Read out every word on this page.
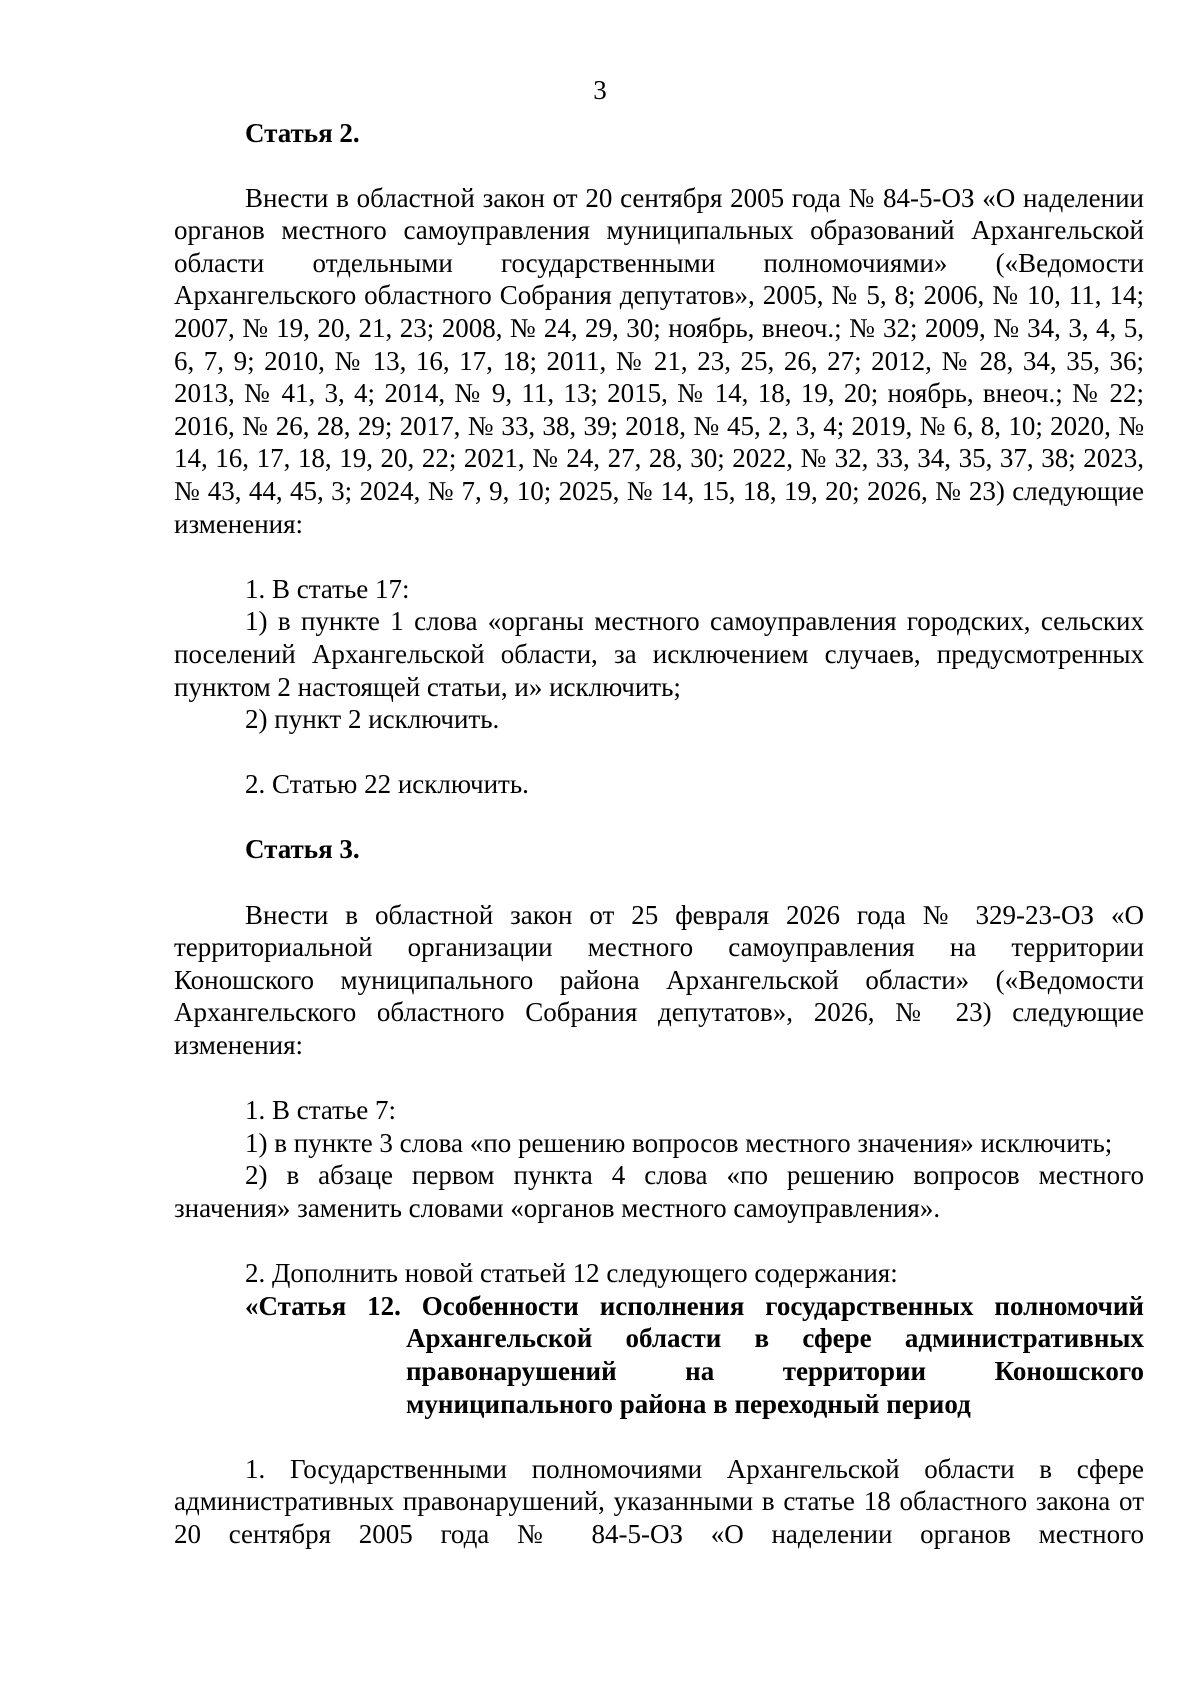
3
Статья 2.

Внести в областной закон от 20 сентября 2005 года № 84-5-ОЗ «О наделении органов местного самоуправления муниципальных образований Архангельской области отдельными государственными полномочиями» («Ведомости Архангельского областного Собрания депутатов», 2005, № 5, 8; 2006, № 10, 11, 14; 2007, № 19, 20, 21, 23; 2008, № 24, 29, 30; ноябрь, внеоч.; № 32; 2009, № 34, 3, 4, 5, 6, 7, 9; 2010, № 13, 16, 17, 18; 2011, № 21, 23, 25, 26, 27; 2012, № 28, 34, 35, 36; 2013, № 41, 3, 4; 2014, № 9, 11, 13; 2015, № 14, 18, 19, 20; ноябрь, внеоч.; № 22; 2016, № 26, 28, 29; 2017, № 33, 38, 39; 2018, № 45, 2, 3, 4; 2019, № 6, 8, 10; 2020, № 14, 16, 17, 18, 19, 20, 22; 2021, № 24, 27, 28, 30; 2022, № 32, 33, 34, 35, 37, 38; 2023, № 43, 44, 45, 3; 2024, № 7, 9, 10; 2025, № 14, 15, 18, 19, 20; 2026, № 23) следующие изменения:

1. В статье 17:

1) в пункте 1 слова «органы местного самоуправления городских, сельских поселений Архангельской области, за исключением случаев, предусмотренных пунктом 2 настоящей статьи, и» исключить;

2) пункт 2 исключить.

2. Статью 22 исключить.

Статья 3.

Внести в областной закон от 25 февраля 2026 года № 329-23-ОЗ «О территориальной организации местного самоуправления на территории Коношского муниципального района Архангельской области» («Ведомости Архангельского областного Собрания депутатов», 2026, № 23) следующие изменения:

1. В статье 7:

1) в пункте 3 слова «по решению вопросов местного значения» исключить;

2) в абзаце первом пункта 4 слова «по решению вопросов местного значения» заменить словами «органов местного самоуправления».

2. Дополнить новой статьей 12 следующего содержания:

«Статья 12. Особенности исполнения государственных полномочий
Архангельской области в сфере административных правонарушений на территории Коношского муниципального района в переходный период

1. Государственными полномочиями Архангельской области в сфере административных правонарушений, указанными в статье 18 областного закона от 20 сентября 2005 года № 84-5-ОЗ «О наделении органов местного
